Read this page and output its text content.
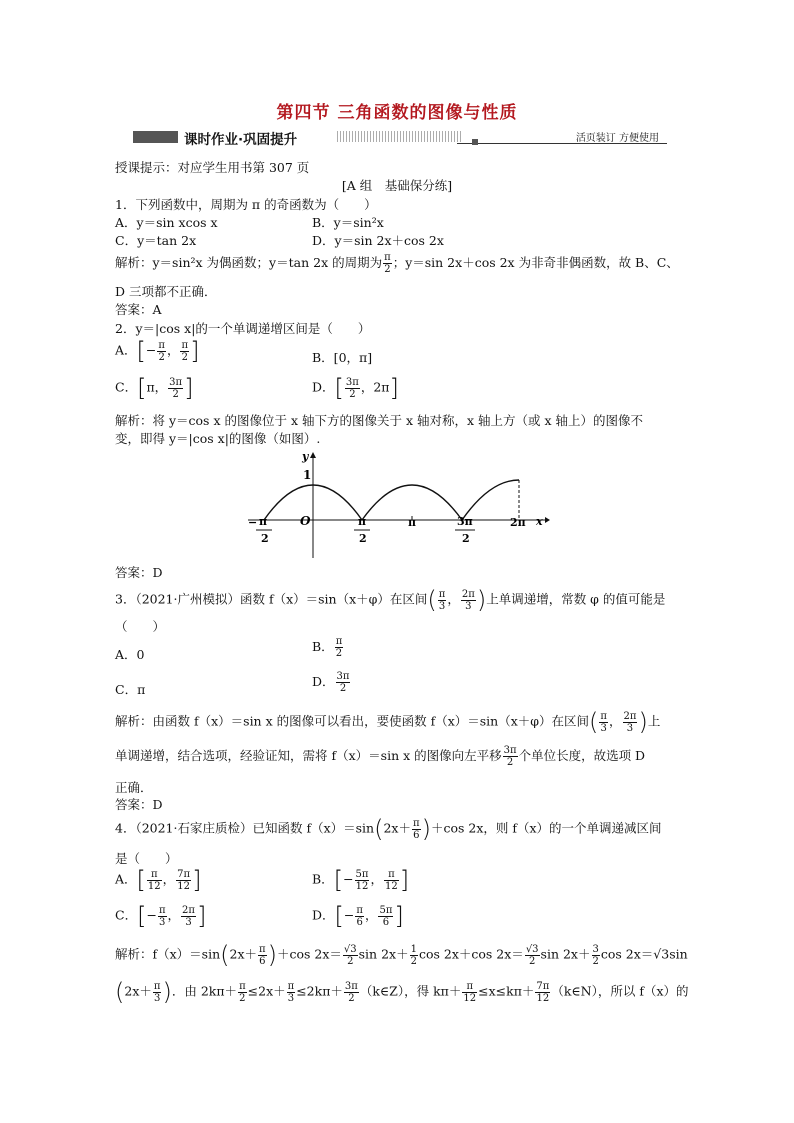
第四节 三角函数的图像与性质
课时作业·巩固提升	活页装订 方便使用
授课提示：对应学生用书第 307 页
[A 组　基础保分练]
1．下列函数中，周期为 π 的奇函数为（　　）
A．y＝sin xcos x	B．y＝sin²x
C．y＝tan 2x	D．y＝sin 2x＋cos 2x
解析：y＝sin²x 为偶函数；y＝tan 2x 的周期为 $\frac{\pi}{2}$ ；y＝sin 2x＋cos 2x 为非奇非偶函数，故 B、C、
D 三项都不正确．
答案：A
2．y＝|cos x|的一个单调递增区间是（　　）
A．[− $\frac{\pi}{2}$ ， $\frac{\pi}{2}$ ]	B．[0，π]
C．[π， $\frac{3\pi}{2}$ ]	D．[ $\frac{3\pi}{2}$ ，2π]
解析：将 y＝cos x 的图像位于 x 轴下方的图像关于 x 轴对称，x 轴上方（或 x 轴上）的图像不
变，即得 y＝|cos x|的图像（如图）.
y
1
O	x
− π
2
π
2
π	3π
2
2π
答案：D
3．（2021·广州模拟）函数 f（x）＝sin（x＋φ）在区间( $\frac{\pi}{3}$ ， $\frac{2\pi}{3}$ )上单调递增，常数 φ 的值可能是
（　　）
A．0
B． $\frac{\pi}{2}$
C．π
D． $\frac{3\pi}{2}$
解析：由函数 f（x）＝sin x 的图像可以看出，要使函数 f（x）＝sin（x＋φ）在区间( $\frac{\pi}{3}$ ， $\frac{2\pi}{3}$ )上
单调递增，结合选项，经验证知，需将 f（x）＝sin x 的图像向左平移 $\frac{3\pi}{2}$ 个单位长度，故选项 D
正确．
答案：D
4．（2021·石家庄质检）已知函数 $f(x)=\sin(2x+ \frac{\pi}{6} )+\cos$ 2x，则 f（x）的一个单调递减区间
是（　　）
A．[ $\frac{\pi}{12}$ ， $\frac{7\pi}{12}$ ]	B．[− $\frac{5\pi}{12}$ ， $\frac{\pi}{12}$ ]
C．[− $\frac{\pi}{3}$ ， $\frac{2\pi}{3}$ ]	D．[− $\frac{\pi}{6}$ ， $\frac{5\pi}{6}$ ]
解析：$f(x)=\sin(2x+ \frac{\pi}{6} )+\cos$ $2x= \frac{√3}{2}$ $\sin 2x+ \frac{1}{2}$ cos 2x＋cos $2x= \frac{√3}{2}$ $\sin 2x+ \frac{3}{2}$ cos 2x＝√3sin
($2x+ \frac{\pi}{3}$ )．由 $2k\pi+ \frac{\pi}{2} \le 2x+ \frac{\pi}{3} \le 2k\pi+ \frac{3\pi}{2}$ （k∈Z），得 $k\pi+ \frac{\pi}{12} \le x\le k\pi+ \frac{7\pi}{12}$ （k∈N），所以 f（x）的
